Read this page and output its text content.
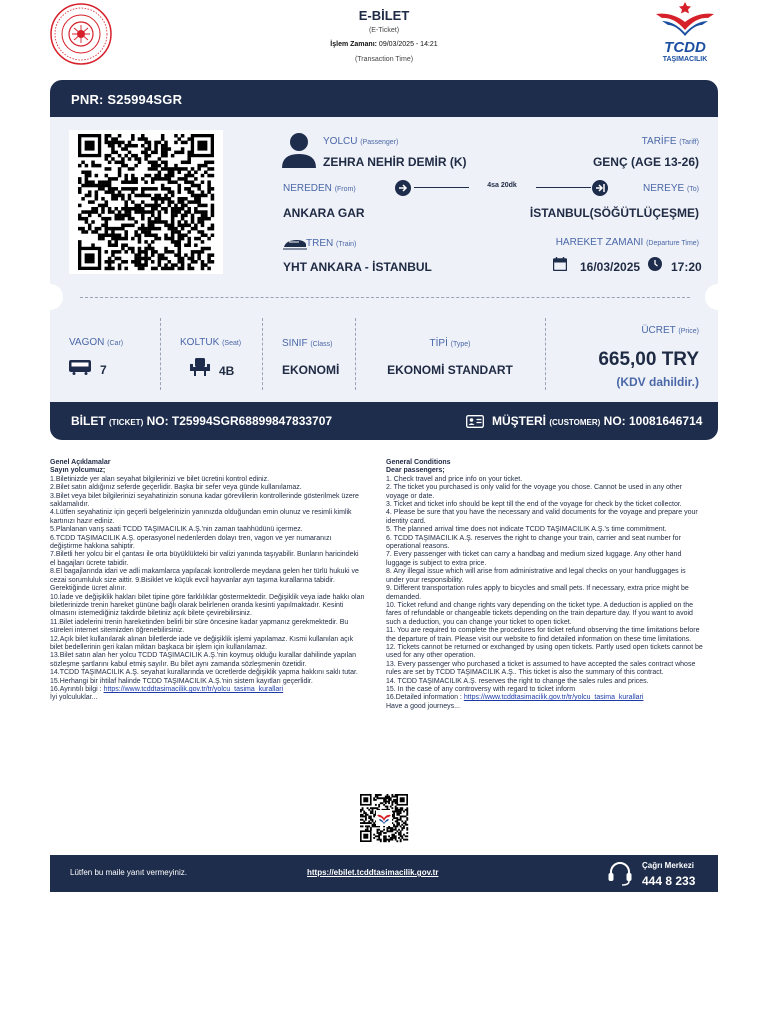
E-BİLET
(E-Ticket)
İşlem Zamanı: 09/03/2025 - 14:21
(Transaction Time)
TCDD
TAŞIMACILIK
PNR: S25994SGR
YOLCU (Passenger)
ZEHRA NEHİR DEMİR (K)
TARİFE (Tariff)
GENÇ (AGE 13-26)
NEREDEN (From)
ANKARA GAR
4sa 20dk	NEREYE (To)
İSTANBUL(SÖĞÜTLÜÇEŞME)
TREN (Train)
YHT ANKARA - İSTANBUL
HAREKET ZAMANI (Departure Time)
16/03/2025	17:20
VAGON (Car)
7
KOLTUK (Seat)
4B
SINIF (Class)
EKONOMİ
TİPİ (Type)
EKONOMİ STANDART
ÜCRET (Price)
665,00 TRY
(KDV dahildir.)
BİLET (TICKET) NO: T25994SGR68899847833707	MÜŞTERİ (CUSTOMER) NO: 10081646714

Genel Açıklamalar

Sayın yolcumuz;

1.Biletinizde yer alan seyahat bilgilerinizi ve bilet ücretini kontrol ediniz.

2.Bilet satın aldığınız seferde geçerlidir. Başka bir sefer veya günde kullanılamaz.

3.Bilet veya bilet bilgilerinizi seyahatinizin sonuna kadar görevlilerin kontrollerinde gösterilmek üzere saklamalıdır.

4.Lütfen seyahatiniz için geçerli belgelerinizin yanınızda olduğundan emin olunuz ve resimli kimlik kartınızı hazır ediniz.

5.Planlanan varış saati TCDD TAŞIMACILIK A.Ş.'nin zaman taahhüdünü içermez.

6.TCDD TAŞIMACILIK A.Ş. operasyonel nedenlerden dolayı tren, vagon ve yer numaranızı değiştirme hakkına sahiptir.

7.Biletli her yolcu bir el çantası ile orta büyüklükteki bir valizi yanında taşıyabilir. Bunların haricindeki el bagajları ücrete tabidir.

8.El bagajlarında idari ve adli makamlarca yapılacak kontrollerde meydana gelen her türlü hukuki ve cezai sorumluluk size aittir. 9.Bisiklet ve küçük evcil hayvanlar ayrı taşıma kurallarına tabidir. Gerektiğinde ücret alınır.

10.İade ve değişiklik hakları bilet tipine göre farklılıklar göstermektedir. Değişiklik veya iade hakkı olan biletlerinizde trenin hareket gününe bağlı olarak belirlenen oranda kesinti yapılmaktadır. Kesinti olmasını istemediğiniz takdirde biletiniz açık bilete çevirebilirsiniz.

11.Bilet iadelerini trenin hareketinden belirli bir süre öncesine kadar yapmanız gerekmektedir. Bu süreleri internet sitemizden öğrenebilirsiniz.

12.Açık bilet kullanılarak alınan biletlerde iade ve değişiklik işlemi yapılamaz. Kısmi kullanılan açık bilet bedellerinin geri kalan miktarı başkaca bir işlem için kullanılamaz.

13.Bilet satın alan her yolcu TCDD TAŞIMACILIK A.Ş.'nin koymuş olduğu kurallar dahilinde yapılan sözleşme şartlarını kabul etmiş sayılır. Bu bilet aynı zamanda sözleşmenin özetidir.

14.TCDD TAŞIMACILIK A.Ş. seyahat kurallarında ve ücretlerde değişiklik yapma hakkını saklı tutar.

15.Herhangi bir ihtilaf halinde TCDD TAŞIMACILIK A.Ş.'nin sistem kayıtları geçerlidir.

16.Ayrıntılı bilgi : https://www.tcddtasimacilik.gov.tr/tr/yolcu_tasima_kurallari

İyi yolculuklar...

General Conditions

Dear passengers;

1. Check travel and price info on your ticket.

2. The ticket you purchased is only valid for the voyage you chose. Cannot be used in any other voyage or date.

3. Ticket and ticket info should be kept till the end of the voyage for check by the ticket collector.

4. Please be sure that you have the necessary and valid documents for the voyage and prepare your identity card.

5. The planned arrival time does not indicate TCDD TAŞIMACILIK A.Ş.'s time commitment.

6. TCDD TAŞIMACILIK A.Ş. reserves the right to change your train, carrier and seat number for operational reasons.

7. Every passenger with ticket can carry a handbag and medium sized luggage. Any other hand luggage is subject to extra price.

8. Any illegal issue which will arise from administrative and legal checks on your handluggages is under your responsibility.

9. Different transportation rules apply to bicycles and small pets. If necessary, extra price might be demanded.

10. Ticket refund and change rights vary depending on the ticket type. A deduction is applied on the fares of refundable or changeable tickets depending on the train departure day. If you want to avoid such a deduction, you can change your ticket to open ticket.

11. You are required to complete the procedures for ticket refund observing the time limitations before the departure of train. Please visit our website to find detailed information on these time limitations.

12. Tickets cannot be returned or exchanged by using open tickets. Partly used open tickets cannot be used for any other operation.

13. Every passenger who purchased a ticket is assumed to have accepted the sales contract whose rules are set by TCDD TAŞIMACILIK A.Ş.. This ticket is also the summary of this contract.

14. TCDD TAŞIMACILIK A.Ş. reserves the right to change the sales rules and prices.

15. In the case of any controversy with regard to ticket inform

16.Detailed information : https://www.tcddtasimacilik.gov.tr/tr/yolcu_tasima_kurallari

Have a good journeys...

Lütfen bu maile yanıt vermeyiniz.	https://ebilet.tcddtasimacilik.gov.tr
Çağrı Merkezi
444 8 233
